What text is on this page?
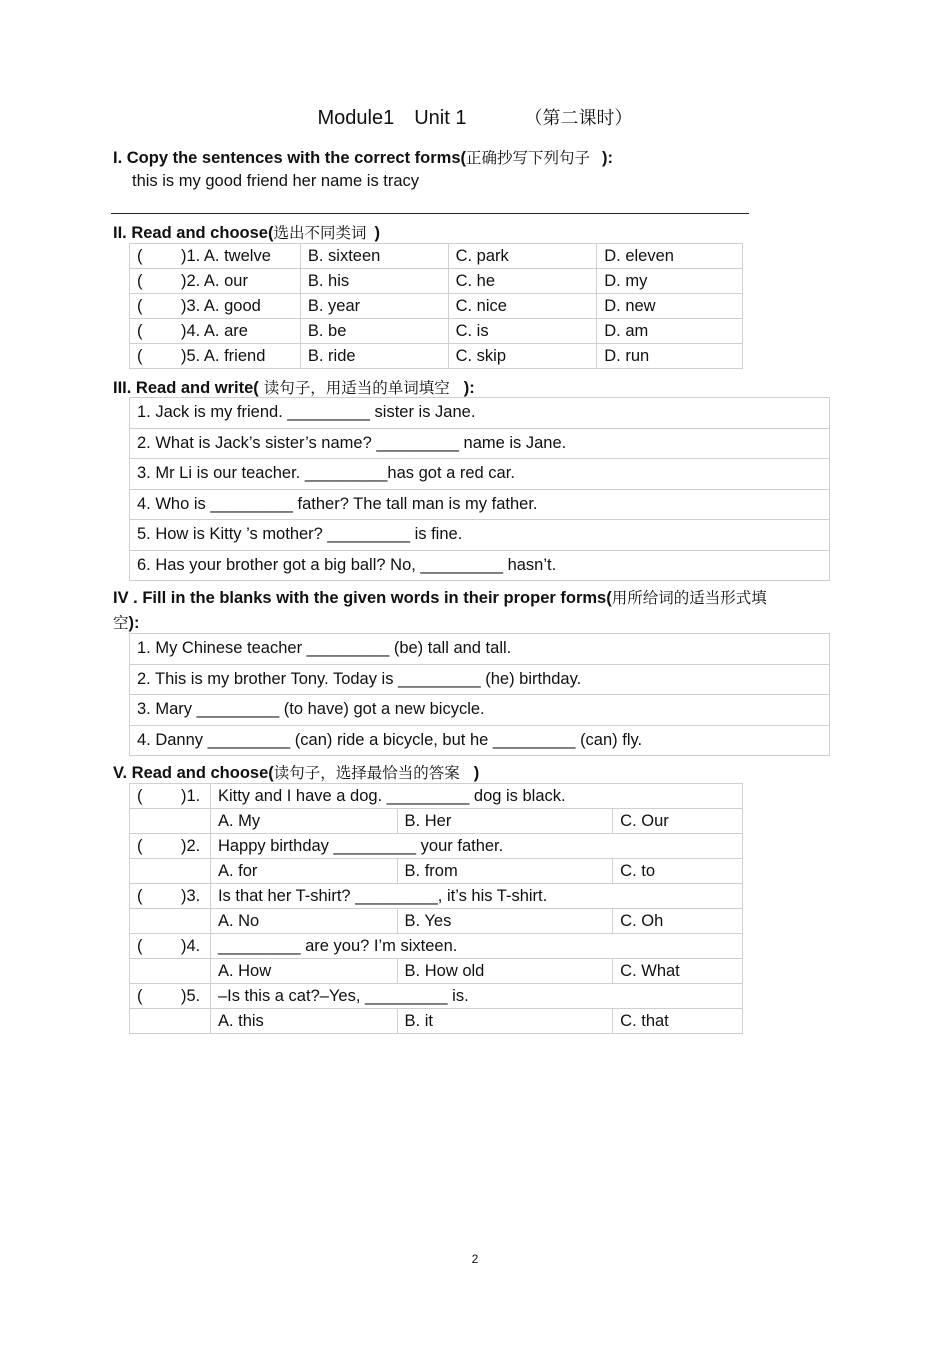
Module1 Unit 1	（第二课时）
I. Copy the sentences with the correct forms(正确抄写下列句子 ):
this is my good friend her name is tracy
II. Read and choose(选出不同类词 )
( )1. A. twelve	B. sixteen	C. park	D. eleven
( )2. A. our	B. his	C. he	D. my
( )3. A. good	B. year	C. nice	D. new
( )4. A. are	B. be	C. is	D. am
( )5. A. friend	B. ride	C. skip	D. run
III. Read and write( 读句子，用适当的单词填空 ):
1. Jack is my friend. _________ sister is Jane.
2. What is Jack’s sister’s name? _________ name is Jane.
3. Mr Li is our teacher. _________has got a red car.
4. Who is _________ father? The tall man is my father.
5. How is Kitty ’s mother? _________ is fine.
6. Has your brother got a big ball? No, _________ hasn’t.
IV . Fill in the blanks with the given words in their proper forms(用所给词的适当形式填
空):
1. My Chinese teacher _________ (be) tall and tall.
2. This is my brother Tony. Today is _________ (he) birthday.
3. Mary _________ (to have) got a new bicycle.
4. Danny _________ (can) ride a bicycle, but he _________ (can) fly.
V. Read and choose(读句子，选择最恰当的答案 )
( )1.	Kitty and I have a dog. _________ dog is black.		
	A. My	B. Her	C. Our
( )2.	Happy birthday _________ your father.		
	A. for	B. from	C. to
( )3.	Is that her T-shirt? _________, it’s his T-shirt.		
	A. No	B. Yes	C. Oh
( )4.	_________ are you? I’m sixteen.		
	A. How	B. How old	C. What
( )5.	–Is this a cat?–Yes, _________ is.		
	A. this	B. it	C. that
2
